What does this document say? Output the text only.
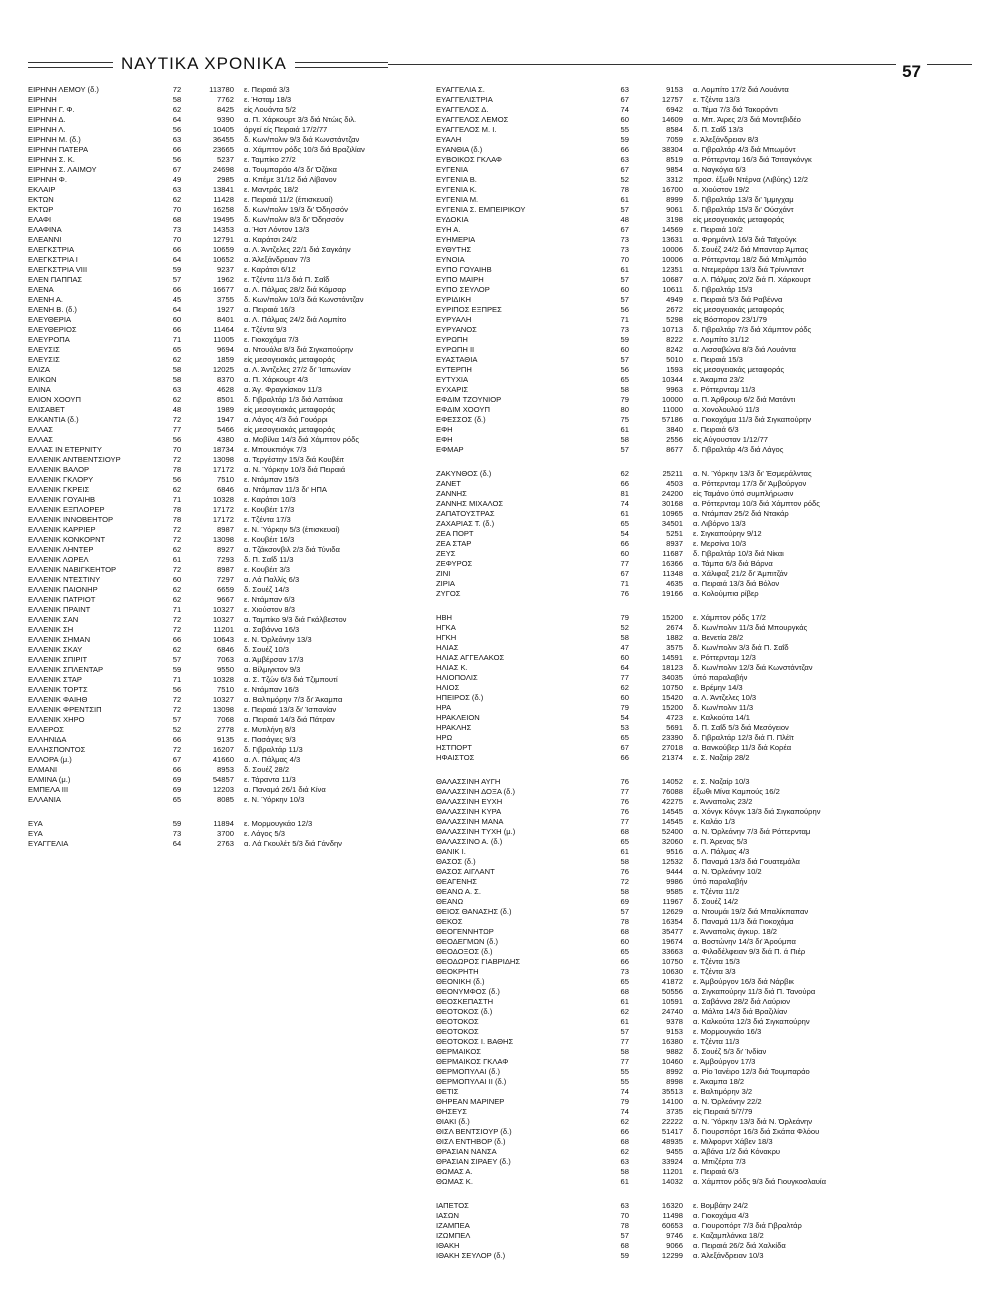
ΝΑΥΤΙΚΑ ΧΡΟΝΙΚΑ	57
ΕΙΡΗΝΗ ΛΕΜΟΥ (δ.)	72	113780	ε. Πειραιά 3/3
ΕΙΡΗΝΗ	58	7762	ε. Ήσταμ 18/3
ΕΙΡΗΝΗ Γ. Φ.	62	8425	είς Λουάντα 5/2
ΕΙΡΗΝΗ Δ.	64	9390	α. Π. Χάρκουρτ 3/3 διά Ντώις διλ.
ΕΙΡΗΝΗ Λ.	56	10405	άργεί είς Πειραιά 17/2/77
ΕΙΡΗΝΗ Μ. (δ.)	63	36455	δ. Κων/πολιν 9/3 διά Κωνστάντζαν
ΕΙΡΗΝΗ ΠΑΤΕΡΑ	66	23665	α. Χάμπτον ρόδς 10/3 διά Βραζιλίαν
ΕΙΡΗΝΗ Σ. Κ.	56	5237	ε. Ταμπίκο 27/2
ΕΙΡΗΝΗ Σ. ΛΑΙΜΟΥ	67	24698	α. Τουμπαράο 4/3 δι' Όζάκα
ΕΙΡΗΝΗ Φ.	49	2985	α. Κπέμε 31/12 διά Λίβανον
ΕΚΛΑΙΡ	63	13841	ε. Μαντράς 18/2
ΕΚΤΩΝ	62	11428	ε. Πειραιά 11/2 (έπισκευαί)
ΕΚΤΩΡ	70	16258	δ. Κων/πολιν 19/3 δι' Όδησσόν
ΕΛΑΦΙ	68	19495	δ. Κων/πολιν 8/3 δι' Όδησσόν
ΕΛΑΦΙΝΑ	73	14353	α. Ήστ Λόντον 13/3
ΕΛΕΑΝΝΙ	70	12791	α. Καράτσι 24/2
ΕΛΕΓΚΣΤΡΙΑ	66	10659	α. Λ. Άντζελες 22/1 διά Σαγκάην
ΕΛΕΓΚΣΤΡΙΑ Ι	64	10652	α. Άλεξάνδρειαν 7/3
ΕΛΕΓΚΣΤΡΙΑ VIII	59	9237	ε. Καράτσι 6/12
ΕΛΕΝ ΠΑΠΠΑΣ	57	1962	ε. Τζέντα 11/3 διά Π. Σαΐδ
ΕΛΕΝΑ	66	16677	α. Λ. Πάλμας 28/2 διά Κάμσαρ
ΕΛΕΝΗ Α.	45	3755	δ. Κων/πολιν 10/3 διά Κωνστάντζαν
ΕΛΕΝΗ Β. (δ.)	64	1927	α. Πειραιά 16/3
ΕΛΕΥΘΕΡΙΑ	60	8401	α. Λ. Πάλμας 24/2 διά Λομπίτο
ΕΛΕΥΘΕΡΙΟΣ	66	11464	ε. Τζέντα 9/3
ΕΛΕΥΡΟΠΑ	71	11005	ε. Γιοκοχάμα 7/3
ΕΛΕΥΣΙΣ	65	9694	α. Ντουάλα 8/3 διά Σιγκαπούρην
ΕΛΕΥΣΙΣ	62	1859	είς μεσογειακάς μεταφοράς
ΕΛΙΖΑ	58	12025	α. Λ. Άντζελες 27/2 δι' Ίαπωνίαν
ΕΛΙΚΩΝ	58	8370	α. Π. Χάρκουρτ 4/3
ΕΛΙΝΑ	63	4628	α. Άγ. Φραγκίσκον 11/3
ΕΛΙΟΝ ΧΟΟΥΠ	62	8501	δ. Γιβραλτάρ 1/3 διά Λαττάκια
ΕΛΙΣΑΒΕΤ	48	1989	είς μεσογειακάς μεταφοράς
ΕΛΚΑΝΤΙΑ (δ.)	72	1947	α. Λάγος 4/3 διά Γουόρρι
ΕΛΛΑΣ	77	5466	είς μεσογειακάς μεταφοράς
ΕΛΛΑΣ	56	4380	α. Μοβίλια 14/3 διά Χάμπτον ρόδς
ΕΛΛΑΣ ΙΝ ΕΤΕΡΝΙΤΥ	70	18734	ε. Μπουκπιόγκ 7/3
ΕΛΛΕΝΙΚ ΑΝΤΒΕΝΤΣΙΟΥΡ	72	13098	α. Τεργέστην 15/3 διά Κουβέιτ
ΕΛΛΕΝΙΚ ΒΑΛΟΡ	78	17172	α. Ν. Ύόρκην 10/3 διά Πειραιά
ΕΛΛΕΝΙΚ ΓΚΛΟΡΥ	56	7510	ε. Ντάμπαν 15/3
ΕΛΛΕΝΙΚ ΓΚΡΕΙΣ	62	6846	α. Ντάμπαν 11/3 δι' ΗΠΑ
ΕΛΛΕΝΙΚ ΓΟΥΑΙΗΒ	71	10328	ε. Καράτσι 10/3
ΕΛΛΕΝΙΚ ΕΞΠΛΟΡΕΡ	78	17172	ε. Κουβέιτ 17/3
ΕΛΛΕΝΙΚ ΙΝΝΟΒΕΗΤΟΡ	78	17172	ε. Τζέντα 17/3
ΕΛΛΕΝΙΚ ΚΑΡΡΙΕΡ	72	8987	ε. Ν. Ύόρκην 5/3 (έπισκευαί)
ΕΛΛΕΝΙΚ ΚΟΝΚΟΡΝΤ	72	13098	ε. Κουβέιτ 16/3
ΕΛΛΕΝΙΚ ΛΗΝΤΕΡ	62	8927	α. Τζάκσονβιλ 2/3 διά Τύνιδα
ΕΛΛΕΝΙΚ ΛΩΡΕΛ	61	7293	δ. Π. Σαΐδ 11/3
ΕΛΛΕΝΙΚ ΝΑΒΙΓΚΕΗΤΟΡ	72	8987	ε. Κουβέιτ 3/3
ΕΛΛΕΝΙΚ ΝΤΕΣΤΙΝΥ	60	7297	α. Λά Παλλίς 6/3
ΕΛΛΕΝΙΚ ΠΑΙΟΝΗΡ	62	6659	δ. Σουέζ 14/3
ΕΛΛΕΝΙΚ ΠΑΤΡΙΟΤ	62	9667	ε. Ντάμπαν 6/3
ΕΛΛΕΝΙΚ ΠΡΑΙΝΤ	71	10327	ε. Χιούστον 8/3
ΕΛΛΕΝΙΚ ΣΑΝ	72	10327	α. Ταμπίκο 9/3 διά Γκάλβεστον
ΕΛΛΕΝΙΚ ΣΗ	72	11201	α. Σαβάννα 16/3
ΕΛΛΕΝΙΚ ΣΗΜΑΝ	66	10643	ε. Ν. Όρλεάνην 13/3
ΕΛΛΕΝΙΚ ΣΚΑΥ	62	6846	δ. Σουέζ 10/3
ΕΛΛΕΝΙΚ ΣΠΙΡΙΤ	57	7063	α. Άμβέρσαν 17/3
ΕΛΛΕΝΙΚ ΣΠΛΕΝΤΑΡ	59	9550	α. Βίλμιγκτον 9/3
ΕΛΛΕΝΙΚ ΣΤΑΡ	71	10328	α. Σ. Τζών 6/3 διά Τζιμπουτί
ΕΛΛΕΝΙΚ ΤΟΡΤΣ	56	7510	ε. Ντάμπαν 16/3
ΕΛΛΕΝΙΚ ΦΑΙΗΘ	72	10327	α. Βαλτιμόρην 7/3 δι' Άκαμπα
ΕΛΛΕΝΙΚ ΦΡΕΝΤΣΙΠ	72	13098	ε. Πειραιά 13/3 δι' Ίσπανίαν
ΕΛΛΕΝΙΚ ΧΗΡΟ	57	7068	α. Πειραιά 14/3 διά Πάτραν
ΕΛΛΕΡΟΣ	52	2778	ε. Μυτιλήνη 8/3
ΕΛΛΗΝΙΔΑ	66	9135	ε. Πασάγιες 9/3
ΕΛΛΗΣΠΟΝΤΟΣ	72	16207	δ. Γιβραλτάρ 11/3
ΕΛΛΟΡΑ (μ.)	67	41660	α. Λ. Πάλμας 4/3
ΕΛΜΑΝΙ	66	8953	δ. Σουέζ 28/2
ΕΛΜΙΝΑ (μ.)	69	54857	ε. Τάραντα 11/3
ΕΜΠΕΛΑ ΙΙΙ	69	12203	α. Παναμά 26/1 διά Κίνα
ΕΛΛΑΝΙΑ	65	8085	ε. Ν. Ύόρκην 10/3
ΕΥΑ	59	11894	ε. Μορμουγκάο 12/3
ΕΥΑ	73	3700	ε. Λάγος 5/3
ΕΥΑΓΓΕΛΙΑ	64	2763	α. Λά Γκουλέτ 5/3 διά Γάνδην
ΕΥΑΓΓΕΛΙΑ Σ.	63	9153	α. Λομπίτο 17/2 διά Λουάντα
ΕΥΑΓΓΕΛΙΣΤΡΙΑ	67	12757	ε. Τζέντα 13/3
ΕΥΑΓΓΕΛΟΣ Δ.	74	6942	α. Τέμα 7/3 διά Τακοράντι
ΕΥΑΓΓΕΛΟΣ ΛΕΜΟΣ	60	14609	α. Μπ. Άιρες 2/3 διά Μοντεβιδέο
ΕΥΑΓΓΕΛΟΣ Μ. Ι.	55	8584	δ. Π. Σαΐδ 13/3
ΕΥΑΛΗ	59	7059	ε. Άλεξάνδρειαν 8/3
ΕΥΑΝΘΙΑ (δ.)	66	38304	α. Γιβραλτάρ 4/3 διά Μπωμόντ
ΕΥΒΟΙΚΟΣ ΓΚΛΑΦ	63	8519	α. Ρόττερνταμ 16/3 διά Τσιταγκόνγκ
ΕΥΓΕΝΙΑ	67	9854	α. Ναγκόγια 6/3
ΕΥΓΕΝΙΑ Β.	52	3312	προσ. έξωθι Ντέρνα (Λιβύης) 12/2
ΕΥΓΕΝΙΑ Κ.	78	16700	α. Χιούστον 19/2
ΕΥΓΕΝΙΑ Μ.	61	8999	δ. Γιβραλτάρ 13/3 δι' Ίμμιγχαμ
ΕΥΓΕΝΙΑ Σ. ΕΜΠΕΙΡΙΚΟΥ	57	9061	δ. Γιβραλτάρ 15/3 δι' Ούσχάντ
ΕΥΔΟΚΙΑ	48	3198	είς μεσογειακάς μεταφοράς
ΕΥΗ Α.	67	14569	ε. Πειραιά 10/2
ΕΥΗΜΕΡΙΑ	73	13631	α. Φρημάντλ 16/3 διά Ταϊχούγκ
ΕΥΘΥΤΗΣ	73	10006	δ. Σουέζ 24/2 διά Μπανταρ Άμπας
ΕΥΝΟΙΑ	70	10006	α. Ρόττερνταμ 18/2 διά Μπιλμπάο
ΕΥΠΟ ΓΟΥΑΙΗΒ	61	12351	α. Ντεμεράρα 13/3 διά Τρίνινταντ
ΕΥΠΟ ΜΑΙΡΗ	57	10687	α. Λ. Πάλμας 20/2 διά Π. Χάρκουρτ
ΕΥΠΟ ΣΕΥΛΟΡ	60	10611	δ. Γιβραλτάρ 15/3
ΕΥΡΙΔΙΚΗ	57	4949	ε. Πειραιά 5/3 διά Ραβέννα
ΕΥΡΙΠΟΣ ΕΞΠΡΕΣ	56	2672	είς μεσογειακάς μεταφοράς
ΕΥΡΥΑΛΗ	71	5298	είς Βόσπορον 23/1/79
ΕΥΡΥΑΝΟΣ	73	10713	δ. Γιβραλτάρ 7/3 διά Χάμπτον ρόδς
ΕΥΡΩΠΗ	59	8222	ε. Λομπίτο 31/12
ΕΥΡΩΠΗ ΙΙ	60	8242	α. Λισσαβώνα 8/3 διά Λουάντα
ΕΥΑΣΤΑΘΙΑ	57	5010	ε. Πειραιά 15/3
ΕΥΤΕΡΠΗ	56	1593	είς μεσογειακάς μεταφοράς
ΕΥΤΥΧΙΑ	65	10344	ε. Άκαμπα 23/2
ΕΥΧΑΡΙΣ	58	9963	ε. Ρόττερνταμ 11/3
ΕΦΔΙΜ ΤΖΟΥΝΙΟΡ	79	10000	α. Π. Άρθρουρ 6/2 διά Ματάντι
ΕΦΔΙΜ ΧΟΟΥΠ	80	11000	α. Χονολουλού 11/3
ΕΦΕΣΣΟΣ (δ.)	75	57186	α. Γιοκοχάμα 11/3 διά Σιγκαπούρην
ΕΦΗ	61	3840	ε. Πειραιά 6/3
ΕΦΗ	58	2556	είς Αύγουσταν 1/12/77
ΕΦΜΑΡ	57	8677	δ. Γιβραλτάρ 4/3 διά Λάγος
ΖΑΚΥΝΘΟΣ (δ.)	62	25211	α. Ν. Ύόρκην 13/3 δι' Έσμεράλντας
ΖΑΝΕΤ	66	4503	α. Ρόττερνταμ 17/3 δι' Άμβούργον
ΖΑΝΝΗΣ	81	24200	είς Ταμάνο ύπό συμπλήρωσιν
ΖΑΝΝΗΣ ΜΙΧΑΛΟΣ	74	30168	α. Ρόττερνταμ 10/3 διά Χάμπτον ρόδς
ΖΑΠΑΤΟΥΣΤΡΑΣ	61	10965	α. Ντάμπαν 25/2 διά Ντακάρ
ΖΑΧΑΡΙΑΣ Τ. (δ.)	65	34501	α. Λιβόρνο 13/3
ΖΕΑ ΠΟΡΤ	54	5251	ε. Σιγκαπούρην 9/12
ΖΕΑ ΣΤΑΡ	66	8937	ε. Μερσίνα 10/3
ΖΕΥΣ	60	11687	δ. Γιβραλτάρ 10/3 διά Νίκαι
ΖΕΦΥΡΟΣ	77	16366	α. Τάμπα 6/3 διά Βάρνα
ΖΙΝΙ	67	11348	α. Χάλιφαξ 21/2 δι' Άμπιτζάν
ΖΙΡΙΑ	71	4635	α. Πειραιά 13/3 διά Βόλον
ΖΥΓΟΣ	76	19166	α. Κολούμπια ρίβερ
ΗΒΗ	79	15200	ε. Χάμπτον ρόδς 17/2
ΗΓΚΑ	52	2674	δ. Κων/πολιν 11/3 διά Μπουργκάς
ΗΓΚΗ	58	1882	α. Βενετία 28/2
ΗΛΙΑΣ	47	3575	δ. Κων/πολιν 3/3 διά Π. Σαΐδ
ΗΛΙΑΣ ΑΓΓΕΛΑΚΟΣ	60	14591	ε. Ρόττερνταμ 12/3
ΗΛΙΑΣ Κ.	64	18123	δ. Κων/πολιν 12/3 διά Κωνστάντζαν
ΗΛΙΟΠΟΛΙΣ	77	34035	ύπό παραλαβήν
ΗΛΙΟΣ	62	10750	ε. Βρέμην 14/3
ΗΠΕΙΡΟΣ (δ.)	60	15420	α. Λ. Άντζελες 10/3
ΗΡΑ	79	15200	δ. Κων/πολιν 11/3
ΗΡΑΚΛΕΙΟΝ	54	4723	ε. Καλκούτα 14/1
ΗΡΑΚΛΗΣ	53	5691	δ. Π. Σαΐδ 5/3 διά Μεσόγειον
ΗΡΩ	65	23390	δ. Γιβραλτάρ 12/3 διά Π. Πλέϊτ
ΗΣΤΠΟΡΤ	67	27018	α. Βανκούβερ 11/3 διά Κορέα
ΗΦΑΙΣΤΟΣ	66	21374	ε. Σ. Ναζαίρ 28/2
ΘΑΛΑΣΣΙΝΗ ΑΥΓΗ	76	14052	ε. Σ. Ναζαίρ 10/3
ΘΑΛΑΣΣΙΝΗ ΔΟΞΑ (δ.)	77	76088	έξωθι Μίνα Καμπούς 16/2
ΘΑΛΑΣΣΙΝΗ ΕΥΧΗ	76	42275	ε. Άνναπολις 23/2
ΘΑΛΑΣΣΙΝΗ ΚΥΡΑ	76	14545	α. Χόνγκ Κόνγκ 13/3 διά Σιγκαπούρην
ΘΑΛΑΣΣΙΝΗ ΜΑΝΑ	77	14545	ε. Καλάο 1/3
ΘΑΛΑΣΣΙΝΗ ΤΥΧΗ (μ.)	68	52400	α. Ν. Όρλεάνην 7/3 διά Ρόττερνταμ
ΘΑΛΑΣΣΙΝΟ Α. (δ.)	65	32060	ε. Π. Άρενας 5/3
ΘΑΝΙΚ Ι.	61	9516	α. Λ. Πάλμας 4/3
ΘΑΣΟΣ (δ.)	58	12532	δ. Παναμά 13/3 διά Γουατεμάλα
ΘΑΣΟΣ ΑΙΓΛΑΝΤ	76	9444	α. Ν. Όρλεάνην 10/2
ΘΕΑΓΕΝΗΣ	72	9986	ύπό παραλαβήν
ΘΕΑΝΩ Α. Σ.	58	9585	ε. Τζέντα 11/2
ΘΕΑΝΩ	69	11967	δ. Σουέζ 14/2
ΘΕΙΟΣ ΘΑΝΑΣΗΣ (δ.)	57	12629	α. Ντουμάι 19/2 διά Μπαλίκπαπαν
ΘΕΚΟΣ	78	16354	δ. Παναμά 11/3 διά Γιοκοχάμα
ΘΕΟΓΕΝΝΗΤΩΡ	68	35477	ε. Άνναπολις άγκυρ. 18/2
ΘΕΟΔΕΓΜΩΝ (δ.)	60	19674	α. Βοστώνην 14/3 δι' Άρούμπα
ΘΕΟΔΟΞΟΣ (δ.)	65	33663	α. Φιλαδέλφειαν 9/3 διά Π. ά Πιέρ
ΘΕΟΔΩΡΟΣ ΓΙΑΒΡΙΔΗΣ	66	10750	ε. Τζέντα 15/3
ΘΕΟΚΡΗΤΗ	73	10630	ε. Τζέντα 3/3
ΘΕΟΝΙΚΗ (δ.)	65	41872	ε. Άμβούργον 16/3 διά Νάρβικ
ΘΕΟΝΥΜΦΟΣ (δ.)	68	50556	α. Σιγκαπούρην 11/3 διά Π. Τανούρα
ΘΕΟΣΚΕΠΑΣΤΗ	61	10591	α. Σαβάννα 28/2 διά Λαύριον
ΘΕΟΤΟΚΟΣ (δ.)	62	24740	α. Μάλτα 14/3 διά Βραζιλίαν
ΘΕΟΤΟΚΟΣ	61	9378	α. Καλκούτα 12/3 διά Σιγκαπούρην
ΘΕΟΤΟΚΟΣ	57	9153	ε. Μορμουγκάο 16/3
ΘΕΟΤΟΚΟΣ Ι. ΒΑΘΗΣ	77	16380	ε. Τζέντα 11/3
ΘΕΡΜΑΙΚΟΣ	58	9882	δ. Σουέζ 5/3 δι' Ίνδίαν
ΘΕΡΜΑΙΚΟΣ ΓΚΛΑΦ	77	10460	ε. Άμβούργον 17/3
ΘΕΡΜΟΠΥΛΑΙ (δ.)	55	8992	α. Ρίο Ίανέιρο 12/3 διά Τουμπαράο
ΘΕΡΜΟΠΥΛΑΙ ΙΙ (δ.)	55	8998	ε. Άκαμπα 18/2
ΘΕΤΙΣ	74	35513	ε. Βαλτιμόρην 3/2
ΘΗΡΕΑΝ ΜΑΡΙΝΕΡ	79	14100	α. Ν. Όρλεάνην 22/2
ΘΗΣΕΥΣ	74	3735	είς Πειραιά 5/7/79
ΘΙΑΚΙ (δ.)	62	22222	α. Ν. Ύόρκην 13/3 διά Ν. Όρλεάνην
ΘΙΣΛ ΒΕΝΤΣΙΟΥΡ (δ.)	66	51417	δ. Γιουρσπόρτ 16/3 διά Σκάπα Φλόου
ΘΙΣΛ ΕΝΤΗΒΟΡ (δ.)	68	48935	ε. Μιλφορντ Χάβεν 18/3
ΘΡΑΣΙΑΝ ΝΑΝΣΑ	62	9455	α. Άβάνα 1/2 διά Κόνακρυ
ΘΡΑΣΙΑΝ ΣΙΡΑΕΥ (δ.)	63	33924	α. Μπιζέρτα 7/3
ΘΩΜΑΣ Α.	58	11201	ε. Πειραιά 6/3
ΘΩΜΑΣ Κ.	61	14032	α. Χάμπτον ρόδς 9/3 διά Γιουγκοσλαυία
ΙΑΠΕΤΟΣ	63	16320	ε. Βομβάην 24/2
ΙΑΣΩΝ	70	11498	α. Γιοκοχάμα 4/3
ΙΖΑΜΠΕΑ	78	60653	α. Γιουροπόρτ 7/3 διά Γιβραλτάρ
ΙΖΩΜΠΕΛ	57	9746	ε. Καζαμπλάνκα 18/2
ΙΘΑΚΗ	68	9066	α. Πειραιά 26/2 διά Χαλκίδα
ΙΘΑΚΗ ΣΕΥΛΟΡ (δ.)	59	12299	α. Άλεξάνδρειαν 10/3
